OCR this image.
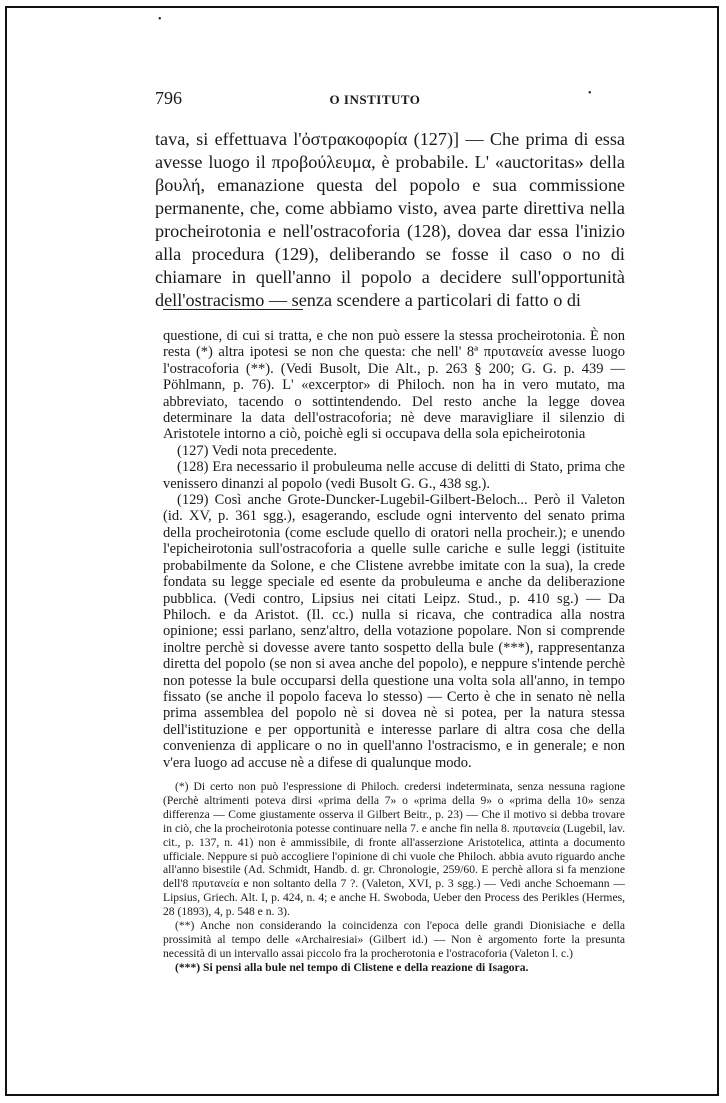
•
•
796	O INSTITUTO

tava, si effettuava l'ὀστρακοφορία (127)] — Che prima di essa avesse luogo il προβούλευμα, è probabile. L' «auctoritas» della βουλή, emanazione questa del popolo e sua commissione permanente, che, come abbiamo visto, avea parte direttiva nella procheirotonia e nell'ostracoforia (128), dovea dar essa l'inizio alla procedura (129), deliberando se fosse il caso o no di chiamare in quell'anno il popolo a decidere sull'opportunità dell'ostracismo — senza scendere a particolari di fatto o di

questione, di cui si tratta, e che non può essere la stessa procheirotonia. È non resta (*) altra ipotesi se non che questa: che nell' 8ª πρυτανεία avesse luogo l'ostracoforia (**). (Vedi Busolt, Die Alt., p. 263 § 200; G. G. p. 439 — Pöhlmann, p. 76). L' «excerptor» di Philoch. non ha in vero mutato, ma abbreviato, tacendo o sottintendendo. Del resto anche la legge dovea determinare la data dell'ostracoforia; nè deve maravigliare il silenzio di Aristotele intorno a ciò, poichè egli si occupava della sola epicheirotonia

(127) Vedi nota precedente.

(128) Era necessario il probuleuma nelle accuse di delitti di Stato, prima che venissero dinanzi al popolo (vedi Busolt G. G., 438 sg.).

(129) Così anche Grote-Duncker-Lugebil-Gilbert-Beloch... Però il Valeton (id. XV, p. 361 sgg.), esagerando, esclude ogni intervento del senato prima della procheirotonia (come esclude quello di oratori nella procheir.); e unendo l'epicheirotonia sull'ostracoforia a quelle sulle cariche e sulle leggi (istituite probabilmente da Solone, e che Clistene avrebbe imitate con la sua), la crede fondata su legge speciale ed esente da probuleuma e anche da deliberazione pubblica. (Vedi contro, Lipsius nei citati Leipz. Stud., p. 410 sg.) — Da Philoch. e da Aristot. (Il. cc.) nulla si ricava, che contradica alla nostra opinione; essi parlano, senz'altro, della votazione popolare. Non si comprende inoltre perchè si dovesse avere tanto sospetto della bule (***), rappresentanza diretta del popolo (se non si avea anche del popolo), e neppure s'intende perchè non potesse la bule occuparsi della questione una volta sola all'anno, in tempo fissato (se anche il popolo faceva lo stesso) — Certo è che in senato nè nella prima assemblea del popolo nè si dovea nè si potea, per la natura stessa dell'istituzione e per opportunità e interesse parlare di altra cosa che della convenienza di applicare o no in quell'anno l'ostracismo, e in generale; e non v'era luogo ad accuse nè a difese di qualunque modo.

(*) Di certo non può l'espressione di Philoch. credersi indeterminata, senza nessuna ragione (Perchè altrimenti poteva dirsi «prima della 7» o «prima della 9» o «prima della 10» senza differenza — Come giustamente osserva il Gilbert Beitr., p. 23) — Che il motivo si debba trovare in ciò, che la procheirotonia potesse continuare nella 7. e anche fin nella 8. πρυτανεία (Lugebil, lav. cit., p. 137, n. 41) non è ammissibile, di fronte all'asserzione Aristotelica, attinta a documento ufficiale. Neppure si può accogliere l'opinione di chi vuole che Philoch. abbia avuto riguardo anche all'anno bisestile (Ad. Schmidt, Handb. d. gr. Chronologie, 259/60. E perchè allora si fa menzione dell'8 πρυτανεία e non soltanto della 7 ?. (Valeton, XVI, p. 3 sgg.) — Vedi anche Schoemann — Lipsius, Griech. Alt. I, p. 424, n. 4; e anche H. Swoboda, Ueber den Process des Perikles (Hermes, 28 (1893), 4, p. 548 e n. 3).

(**) Anche non considerando la coincidenza con l'epoca delle grandi Dionisiache e della prossimità al tempo delle «Archairesiai» (Gilbert id.) — Non è argomento forte la presunta necessità di un intervallo assai piccolo fra la procherotonia e l'ostracoforia (Valeton l. c.)

(***) Si pensi alla bule nel tempo di Clistene e della reazione di Isagora.
